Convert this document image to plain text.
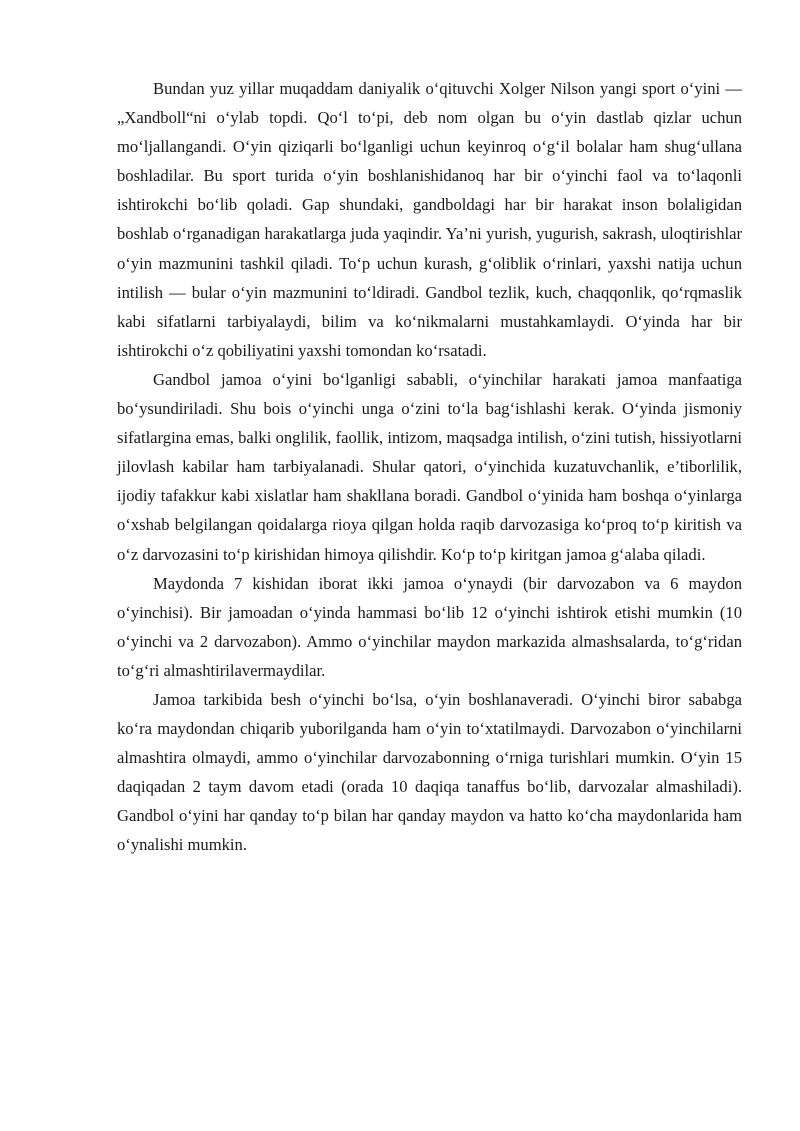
Bundan yuz yillar muqaddam daniyalik o‘qituvchi Xolger Nilson yangi sport o‘yini — „Xandboll“ni o‘ylab topdi. Qo‘l to‘pi, deb nom olgan bu o‘yin dastlab qizlar uchun mo‘ljallangandi. O‘yin qiziqarli bo‘lganligi uchun keyinroq o‘g‘il bolalar ham shug‘ullana boshladilar. Bu sport turida o‘yin boshlanishidanoq har bir o‘yinchi faol va to‘laqonli ishtirokchi bo‘lib qoladi. Gap shundaki, gandboldagi har bir harakat inson bolaligidan boshlab o‘rganadigan harakatlarga juda yaqindir. Ya’ni yurish, yugurish, sakrash, uloqtirishlar o‘yin mazmunini tashkil qiladi. To‘p uchun kurash, g‘oliblik o‘rinlari, yaxshi natija uchun intilish — bular o‘yin mazmunini to‘ldiradi. Gandbol tezlik, kuch, chaqqonlik, qo‘rqmaslik kabi sifatlarni tarbiyalaydi, bilim va ko‘nikmalarni mustahkamlaydi. O‘yinda har bir ishtirokchi o‘z qobiliyatini yaxshi tomondan ko‘rsatadi.

Gandbol jamoa o‘yini bo‘lganligi sababli, o‘yinchilar harakati jamoa manfaatiga bo‘ysundiriladi. Shu bois o‘yinchi unga o‘zini to‘la bag‘ishlashi kerak. O‘yinda jismoniy sifatlargina emas, balki onglilik, faollik, intizom, maqsadga intilish, o‘zini tutish, hissiyotlarni jilovlash kabilar ham tarbiyalanadi. Shular qatori, o‘yinchida kuzatuvchanlik, e’tiborlilik, ijodiy tafakkur kabi xislatlar ham shakllana boradi. Gandbol o‘yinida ham boshqa o‘yinlarga o‘xshab belgilangan qoidalarga rioya qilgan holda raqib darvozasiga ko‘proq to‘p kiritish va o‘z darvozasini to‘p kirishidan himoya qilishdir. Ko‘p to‘p kiritgan jamoa g‘alaba qiladi.

Maydonda 7 kishidan iborat ikki jamoa o‘ynaydi (bir darvozabon va 6 maydon o‘yinchisi). Bir jamoadan o‘yinda hammasi bo‘lib 12 o‘yinchi ishtirok etishi mumkin (10 o‘yinchi va 2 darvozabon). Ammo o‘yinchilar maydon markazida almashsalarda, to‘g‘ridan to‘g‘ri almashtirilavermaydilar.

Jamoa tarkibida besh o‘yinchi bo‘lsa, o‘yin boshlanaveradi. O‘yinchi biror sababga ko‘ra maydondan chiqarib yuborilganda ham o‘yin to‘xtatilmaydi. Darvozabon o‘yinchilarni almashtira olmaydi, ammo o‘yinchilar darvozabonning o‘rniga turishlari mumkin. O‘yin 15 daqiqadan 2 taym davom etadi (orada 10 daqiqa tanaffus bo‘lib, darvozalar almashiladi). Gandbol o‘yini har qanday to‘p bilan har qanday maydon va hatto ko‘cha maydonlarida ham o‘ynalishi mumkin.
